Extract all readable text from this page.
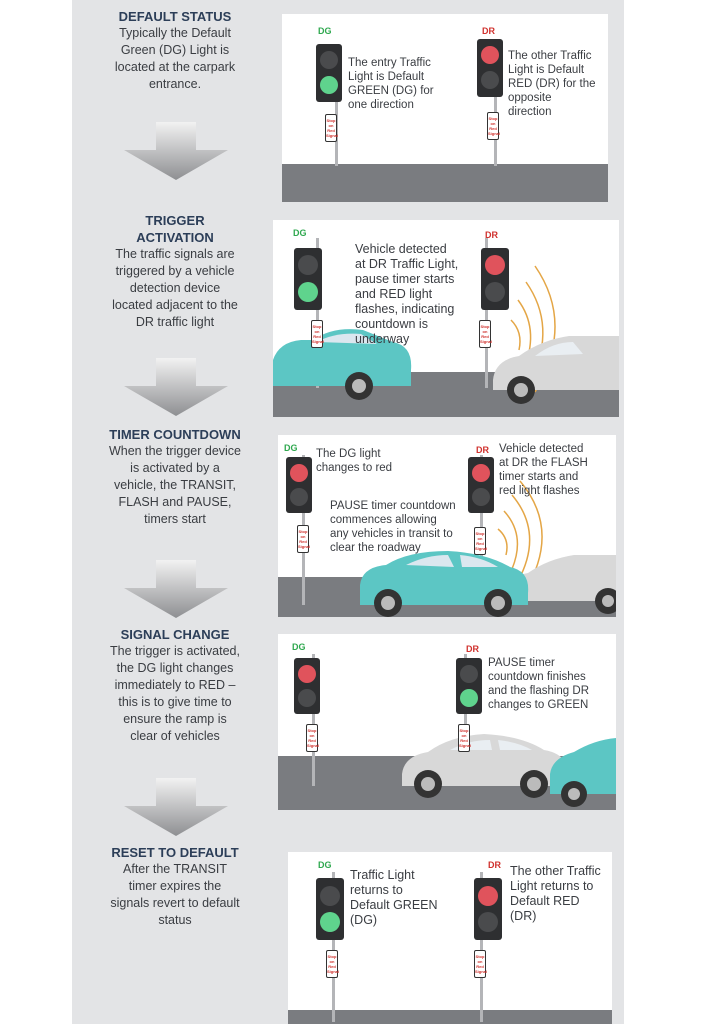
DEFAULT STATUS
Typically the Default
Green (DG) Light is
located at the carpark
entrance.
DG	DR
Stop
on
Red
Signal
Stop
on
Red
Signal
The entry Traffic
Light is Default
GREEN (DG) for
one direction
The other Traffic
Light is Default
RED (DR) for the
opposite
direction
TRIGGER
ACTIVATION
The traffic signals are
triggered by a vehicle
detection device
located adjacent to the
DR traffic light
DG	DR
Stop
on
Red
Signal
Stop
on
Red
Signal
Vehicle detected
at DR Traffic Light,
pause timer starts
and RED light
flashes, indicating
countdown is
underway
TIMER COUNTDOWN
When the trigger device
is activated by a
vehicle, the TRANSIT,
FLASH and PAUSE,
timers start
DG	DR
Stop
on
Red
Signal
Stop
on
Red
Signal
The DG light
changes to red
Vehicle detected
at DR the FLASH
timer starts and
red light flashes
PAUSE timer countdown
commences allowing
any vehicles in transit to
clear the roadway
SIGNAL CHANGE
The trigger is activated,
the DG light changes
immediately to RED –
this is to give time to
ensure the ramp is
clear of vehicles
DG	DR
Stop
on
Red
Signal
Stop
on
Red
Signal
PAUSE timer
countdown finishes
and the flashing DR
changes to GREEN
RESET TO DEFAULT
After the TRANSIT
timer expires the
signals revert to default
status
DG	DR
Stop
on
Red
Signal
Stop
on
Red
Signal
Traffic Light
returns to
Default GREEN
(DG)
The other Traffic
Light returns to
Default RED
(DR)
